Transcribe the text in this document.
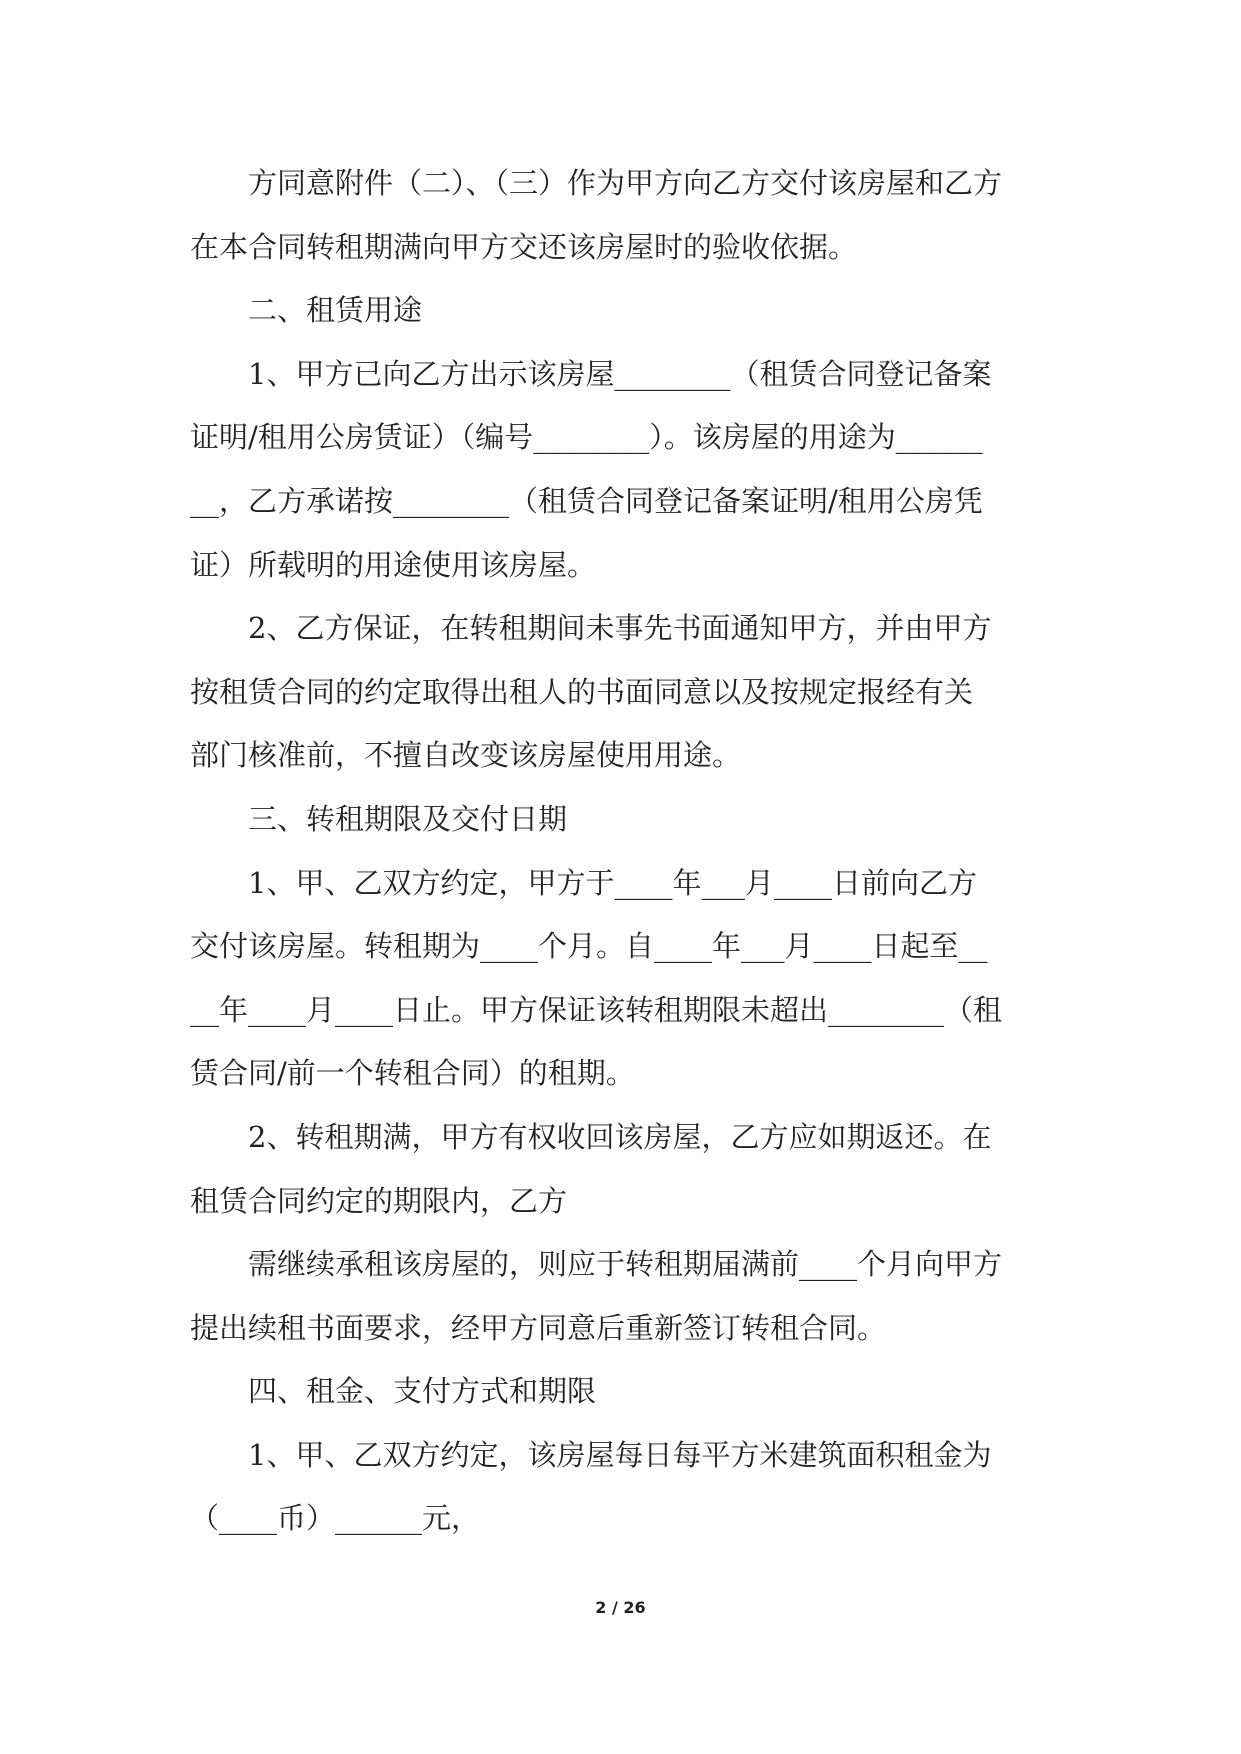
方同意附件（二）、（三）作为甲方向乙方交付该房屋和乙方
在本合同转租期满向甲方交还该房屋时的验收依据。
二、租赁用途
1、甲方已向乙方出示该房屋________（租赁合同登记备案
证明/租用公房赁证）（编号________）。该房屋的用途为______
__，乙方承诺按________（租赁合同登记备案证明/租用公房凭
证）所载明的用途使用该房屋。
2、乙方保证，在转租期间未事先书面通知甲方，并由甲方
按租赁合同的约定取得出租人的书面同意以及按规定报经有关
部门核准前，不擅自改变该房屋使用用途。
三、转租期限及交付日期
1、甲、乙双方约定，甲方于____年___月____日前向乙方
交付该房屋。转租期为____个月。自____年___月____日起至__
__年____月____日止。甲方保证该转租期限未超出________（租
赁合同/前一个转租合同）的租期。
2、转租期满，甲方有权收回该房屋，乙方应如期返还。在
租赁合同约定的期限内，乙方
需继续承租该房屋的，则应于转租期届满前____个月向甲方
提出续租书面要求，经甲方同意后重新签订转租合同。
四、租金、支付方式和期限
1、甲、乙双方约定，该房屋每日每平方米建筑面积租金为
（____币）______元，
2 / 26
